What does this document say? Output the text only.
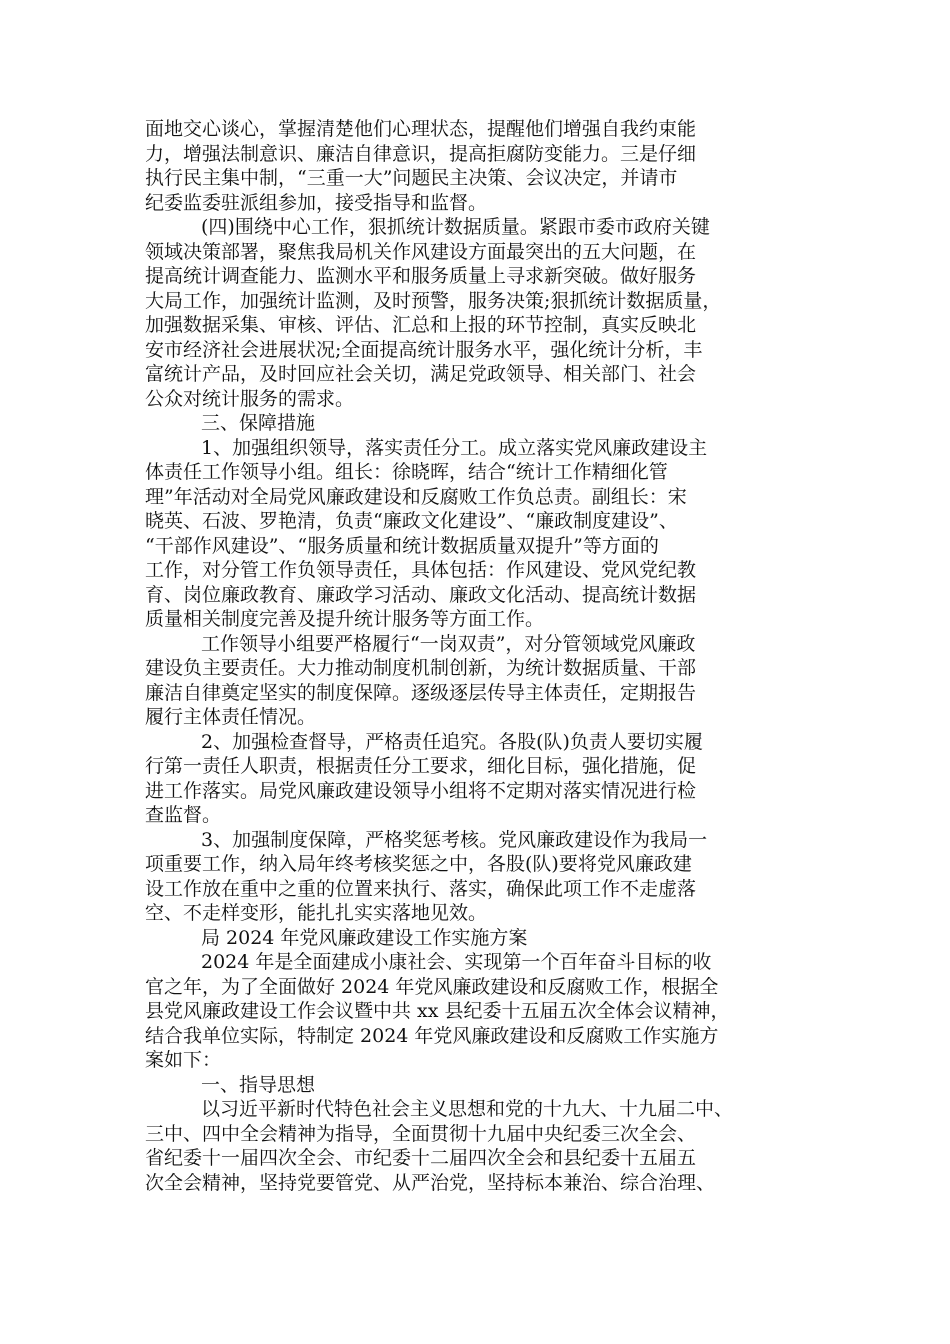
面地交心谈心，掌握清楚他们心理状态，提醒他们增强自我约束能
力，增强法制意识、廉洁自律意识，提高拒腐防变能力。三是仔细
执行民主集中制，“三重一大”问题民主决策、会议决定，并请市
纪委监委驻派组参加，接受指导和监督。
(四)围绕中心工作，狠抓统计数据质量。紧跟市委市政府关键
领域决策部署，聚焦我局机关作风建设方面最突出的五大问题，在
提高统计调查能力、监测水平和服务质量上寻求新突破。做好服务
大局工作，加强统计监测，及时预警，服务决策;狠抓统计数据质量，
加强数据采集、审核、评估、汇总和上报的环节控制，真实反映北
安市经济社会进展状况;全面提高统计服务水平，强化统计分析，丰
富统计产品，及时回应社会关切，满足党政领导、相关部门、社会
公众对统计服务的需求。
三、保障措施
1、加强组织领导，落实责任分工。成立落实党风廉政建设主
体责任工作领导小组。组长：徐晓晖，结合“统计工作精细化管
理”年活动对全局党风廉政建设和反腐败工作负总责。副组长：宋
晓英、石波、罗艳清，负责“廉政文化建设”、“廉政制度建设”、
“干部作风建设”、“服务质量和统计数据质量双提升”等方面的
工作，对分管工作负领导责任，具体包括：作风建设、党风党纪教
育、岗位廉政教育、廉政学习活动、廉政文化活动、提高统计数据
质量相关制度完善及提升统计服务等方面工作。
工作领导小组要严格履行“一岗双责”，对分管领域党风廉政
建设负主要责任。大力推动制度机制创新，为统计数据质量、干部
廉洁自律奠定坚实的制度保障。逐级逐层传导主体责任，定期报告
履行主体责任情况。
2、加强检查督导，严格责任追究。各股(队)负责人要切实履
行第一责任人职责，根据责任分工要求，细化目标，强化措施，促
进工作落实。局党风廉政建设领导小组将不定期对落实情况进行检
查监督。
3、加强制度保障，严格奖惩考核。党风廉政建设作为我局一
项重要工作，纳入局年终考核奖惩之中，各股(队)要将党风廉政建
设工作放在重中之重的位置来执行、落实，确保此项工作不走虚落
空、不走样变形，能扎扎实实落地见效。
局 2024 年党风廉政建设工作实施方案
2024 年是全面建成小康社会、实现第一个百年奋斗目标的收
官之年，为了全面做好 2024 年党风廉政建设和反腐败工作，根据全
县党风廉政建设工作会议暨中共 xx 县纪委十五届五次全体会议精神，
结合我单位实际，特制定 2024 年党风廉政建设和反腐败工作实施方
案如下：
一、指导思想
以习近平新时代特色社会主义思想和党的十九大、十九届二中、
三中、四中全会精神为指导，全面贯彻十九届中央纪委三次全会、
省纪委十一届四次全会、市纪委十二届四次全会和县纪委十五届五
次全会精神，坚持党要管党、从严治党，坚持标本兼治、综合治理、
